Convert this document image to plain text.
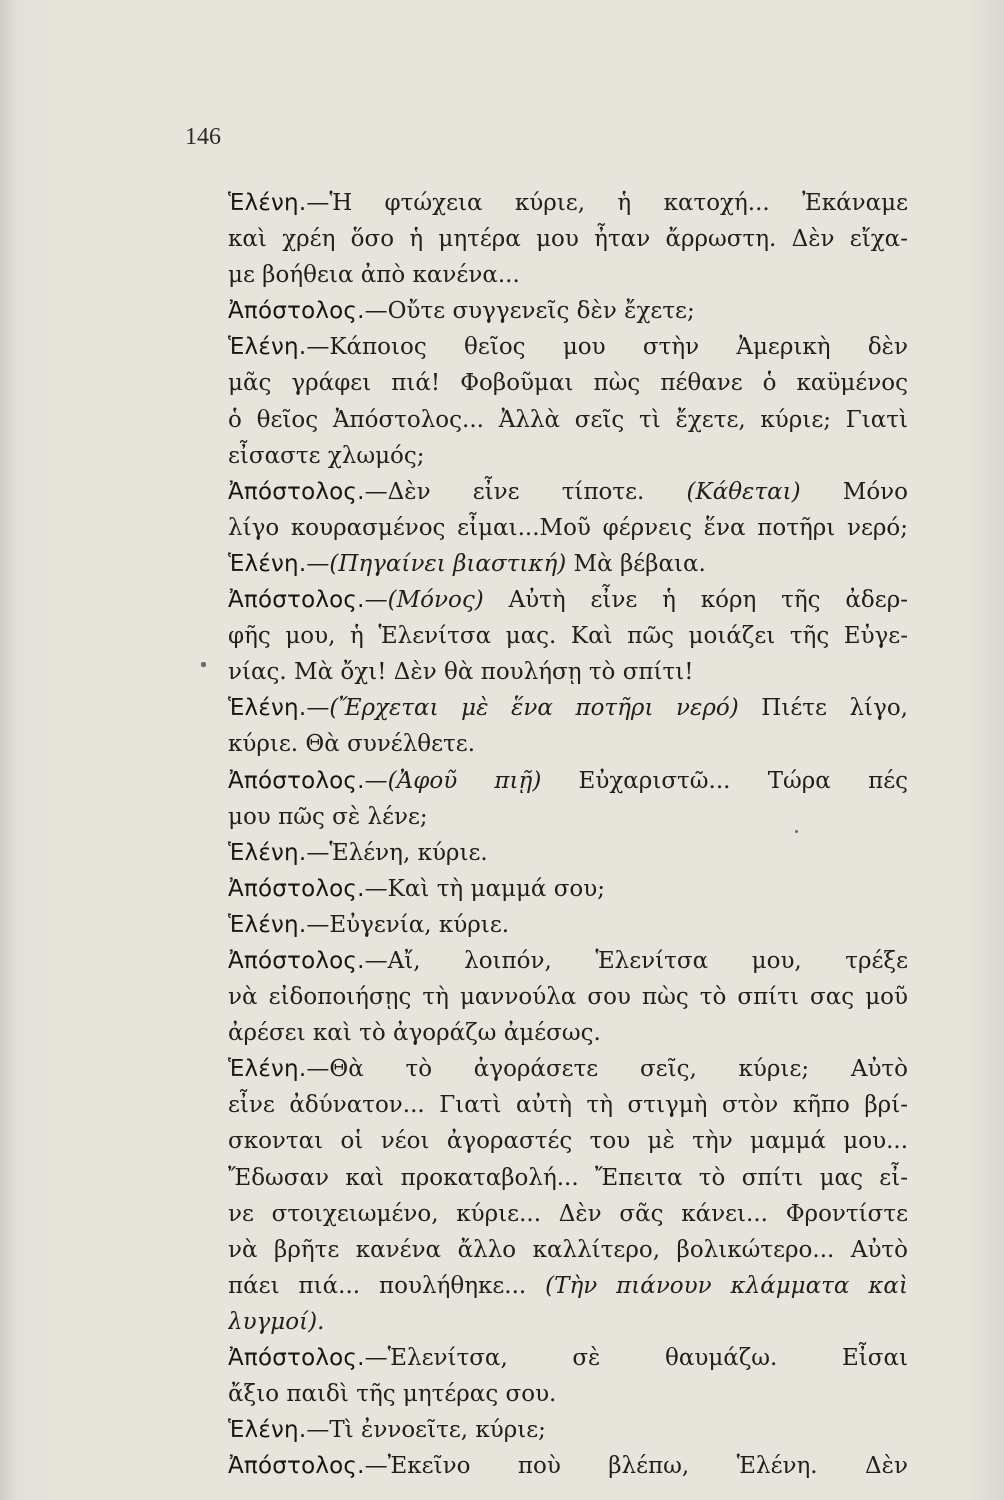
146
Ἑλένη.—Ἡ φτώχεια κύριε, ἡ κατοχή... Ἐκάναμε
καὶ χρέη ὅσο ἡ μητέρα μου ἦταν ἄρρωστη. Δὲν εἴχα-
με βοήθεια ἀπὸ κανένα...
Ἀπόστολος.—Οὔτε συγγενεῖς δὲν ἔχετε;
Ἑλένη.—Κάποιος θεῖος μου στὴν Ἀμερικὴ δὲν
μᾶς γράφει πιά! Φοβοῦμαι πὼς πέθανε ὁ καϋμένος
ὁ θεῖος Ἀπόστολος... Ἀλλὰ σεῖς τὶ ἔχετε, κύριε; Γιατὶ
εἶσαστε χλωμός;
Ἀπόστολος.—Δὲν εἶνε τίποτε. (Κάθεται) Μόνο
λίγο κουρασμένος εἶμαι...Μοῦ φέρνεις ἕνα ποτῆρι νερό;
Ἑλένη.—(Πηγαίνει βιαστική) Μὰ βέβαια.
Ἀπόστολος.—(Μόνος) Αὐτὴ εἶνε ἡ κόρη τῆς ἀδερ-
φῆς μου, ἡ Ἑλενίτσα μας. Καὶ πῶς μοιάζει τῆς Εὐγε-
νίας. Μὰ ὄχι! Δὲν θὰ πουλήσῃ τὸ σπίτι!
Ἑλένη.—(Ἔρχεται μὲ ἕνα ποτῆρι νερό) Πιέτε λίγο,
κύριε. Θὰ συνέλθετε.
Ἀπόστολος.—(Ἀφοῦ πιῇ) Εὐχαριστῶ... Τώρα πές
μου πῶς σὲ λένε;
Ἑλένη.—Ἑλένη, κύριε.
Ἀπόστολος.—Καὶ τὴ μαμμά σου;
Ἑλένη.—Εὐγενία, κύριε.
Ἀπόστολος.—Αἴ, λοιπόν, Ἑλενίτσα μου, τρέξε
νὰ εἰδοποιήσῃς τὴ μαννούλα σου πὼς τὸ σπίτι σας μοῦ
ἀρέσει καὶ τὸ ἀγοράζω ἀμέσως.
Ἑλένη.—Θὰ τὸ ἀγοράσετε σεῖς, κύριε; Αὐτὸ
εἶνε ἀδύνατον... Γιατὶ αὐτὴ τὴ στιγμὴ στὸν κῆπο βρί-
σκονται οἱ νέοι ἀγοραστές του μὲ τὴν μαμμά μου...
Ἔδωσαν καὶ προκαταβολή... Ἔπειτα τὸ σπίτι μας εἶ-
νε στοιχειωμένο, κύριε... Δὲν σᾶς κάνει... Φροντίστε
νὰ βρῆτε κανένα ἄλλο καλλίτερο, βολικώτερο... Αὐτὸ
πάει πιά... πουλήθηκε... (Τὴν πιάνουν κλάμματα καὶ
λυγμοί).
Ἀπόστολος.—Ἑλενίτσα, σὲ θαυμάζω. Εἶσαι
ἄξιο παιδὶ τῆς μητέρας σου.
Ἑλένη.—Τὶ ἐννοεῖτε, κύριε;
Ἀπόστολος.—Ἐκεῖνο ποὺ βλέπω, Ἑλένη. Δὲν
